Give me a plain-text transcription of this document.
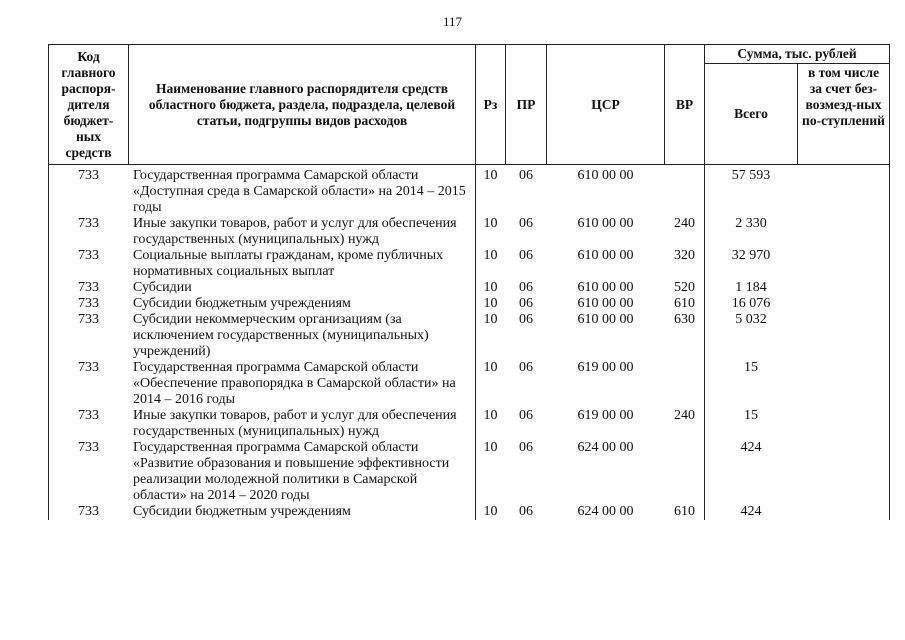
117
Код главного распоря-дителя бюджет-ных средств	Наименование главного распорядителя средств областного бюджета, раздела, подраздела, целевой статьи, подгруппы видов расходов	Рз	ПР	ЦСР	ВР	Сумма, тыс. рублей	
						Всего	в том числе за счет без-возмезд-ных по-ступлений
733	Государственная программа Самарской области «Доступная среда в Самарской области» на 2014 – 2015 годы	10	06	610 00 00		57 593	
733	Иные закупки товаров, работ и услуг для обеспечения государственных (муниципальных) нужд	10	06	610 00 00	240	2 330	
733	Социальные выплаты гражданам, кроме публичных нормативных социальных выплат	10	06	610 00 00	320	32 970	
733	Субсидии	10	06	610 00 00	520	1 184	
733	Субсидии бюджетным учреждениям	10	06	610 00 00	610	16 076	
733	Субсидии некоммерческим организациям (за исключением государственных (муниципальных) учреждений)	10	06	610 00 00	630	5 032	
733	Государственная программа Самарской области «Обеспечение правопорядка в Самарской области» на 2014 – 2016 годы	10	06	619 00 00		15	
733	Иные закупки товаров, работ и услуг для обеспечения государственных (муниципальных) нужд	10	06	619 00 00	240	15	
733	Государственная программа Самарской области «Развитие образования и повышение эффективности реализации молодежной политики в Самарской области» на 2014 – 2020 годы	10	06	624 00 00		424	
733	Субсидии бюджетным учреждениям	10	06	624 00 00	610	424	
